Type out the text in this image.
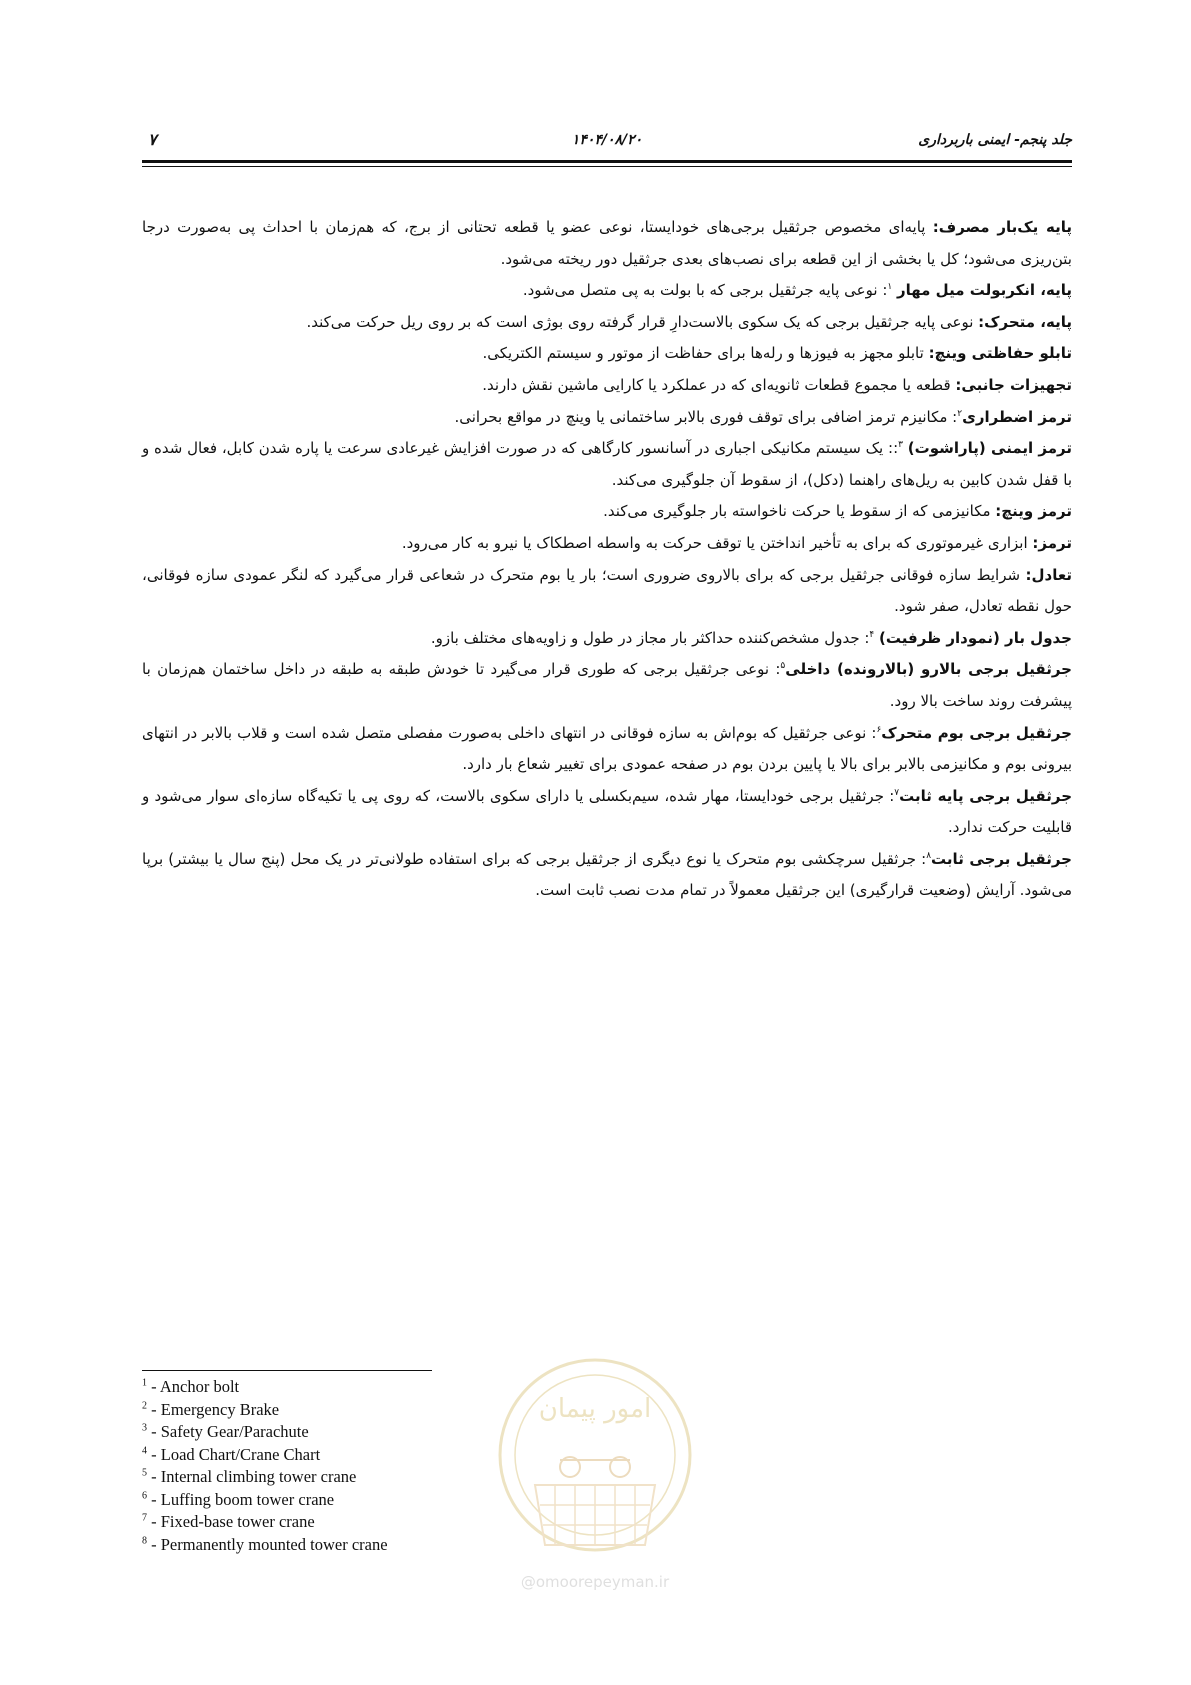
جلد پنجم- ایمنی باربرداری
۱۴۰۴/۰۸/۲۰
۷

پایه یک‌بار مصرف: پایه‌ای مخصوص جرثقیل برجی‌های خودایستا، نوعی عضو یا قطعه تحتانی از برج، که هم‌زمان با احداث پی به‌صورت درجا بتن‌ریزی می‌شود؛ کل یا بخشی از این قطعه برای نصب‌های بعدی جرثقیل دور ریخته می‌شود.

پایه، انکربولت میل مهار $^۱$: نوعی پایه جرثقیل برجی که با بولت به پی متصل می‌شود.

پایه، متحرک: نوعی پایه جرثقیل برجی که یک سکوی بالاست‌دارِ قرار گرفته روی بوژی است که بر روی ریل حرکت می‌کند.

تابلو حفاظتی وینچ: تابلو مجهز به فیوزها و رله‌ها برای حفاظت از موتور و سیستم الکتریکی.

تجهیزات جانبی: قطعه یا مجموع قطعات ثانویه‌ای که در عملکرد یا کارایی ماشین نقش دارند.

ترمز اضطراری$^۲$: مکانیزم ترمز اضافی برای توقف فوری بالابر ساختمانی یا وینچ در مواقع بحرانی.

ترمز ایمنی (پاراشوت) $^۳$:: یک سیستم مکانیکی اجباری در آسانسور کارگاهی که در صورت افزایش غیرعادی سرعت یا پاره شدن کابل، فعال شده و با قفل شدن کابین به ریل‌های راهنما (دکل)، از سقوط آن جلوگیری می‌کند.

ترمز وینچ: مکانیزمی که از سقوط یا حرکت ناخواسته بار جلوگیری می‌کند.

ترمز: ابزاری غیرموتوری که برای به تأخیر انداختن یا توقف حرکت به واسطه اصطکاک یا نیرو به کار می‌رود.

تعادل: شرایط سازه فوقانی جرثقیل برجی که برای بالاروی ضروری است؛ بار یا بوم متحرک در شعاعی قرار می‌گیرد که لنگر عمودی سازه فوقانی، حول نقطه تعادل، صفر شود.

جدول بار (نمودار ظرفیت) $^۴$: جدول مشخص‌کننده حداکثر بار مجاز در طول و زاویه‌های مختلف بازو.

جرثقیل برجی بالارو (بالارونده) داخلی$^۵$: نوعی جرثقیل برجی که طوری قرار می‌گیرد تا خودش طبقه به طبقه در داخل ساختمان هم‌زمان با پیشرفت روند ساخت بالا رود.

جرثقیل برجی بوم متحرک$^۶$: نوعی جرثقیل که بوم‌اش به سازه فوقانی در انتهای داخلی به‌صورت مفصلی متصل شده است و قلاب بالابر در انتهای بیرونی بوم و مکانیزمی بالابر برای بالا یا پایین بردن بوم در صفحه عمودی برای تغییر شعاع بار دارد.

جرثقیل برجی پایه ثابت$^۷$: جرثقیل برجی خودایستا، مهار شده، سیم‌بکسلی یا دارای سکوی بالاست، که روی پی یا تکیه‌گاه سازه‌ای سوار می‌شود و قابلیت حرکت ندارد.

جرثقیل برجی ثابت$^۸$: جرثقیل سرچکشی بوم متحرک یا نوع دیگری از جرثقیل برجی که برای استفاده طولانی‌تر در یک محل (پنج سال یا بیشتر) برپا می‌شود. آرایش (وضعیت قرارگیری) این جرثقیل معمولاً در تمام مدت نصب ثابت است.

$^1$ - Anchor bolt
$^2$ - Emergency Brake
$^3$ - Safety Gear/Parachute
$^4$ - Load Chart/Crane Chart
$^5$ - Internal climbing tower crane
$^6$ - Luffing boom tower crane
$^7$ - Fixed-base tower crane
$^8$ - Permanently mounted tower crane
امور پیمان
@omoorepeyman.ir
